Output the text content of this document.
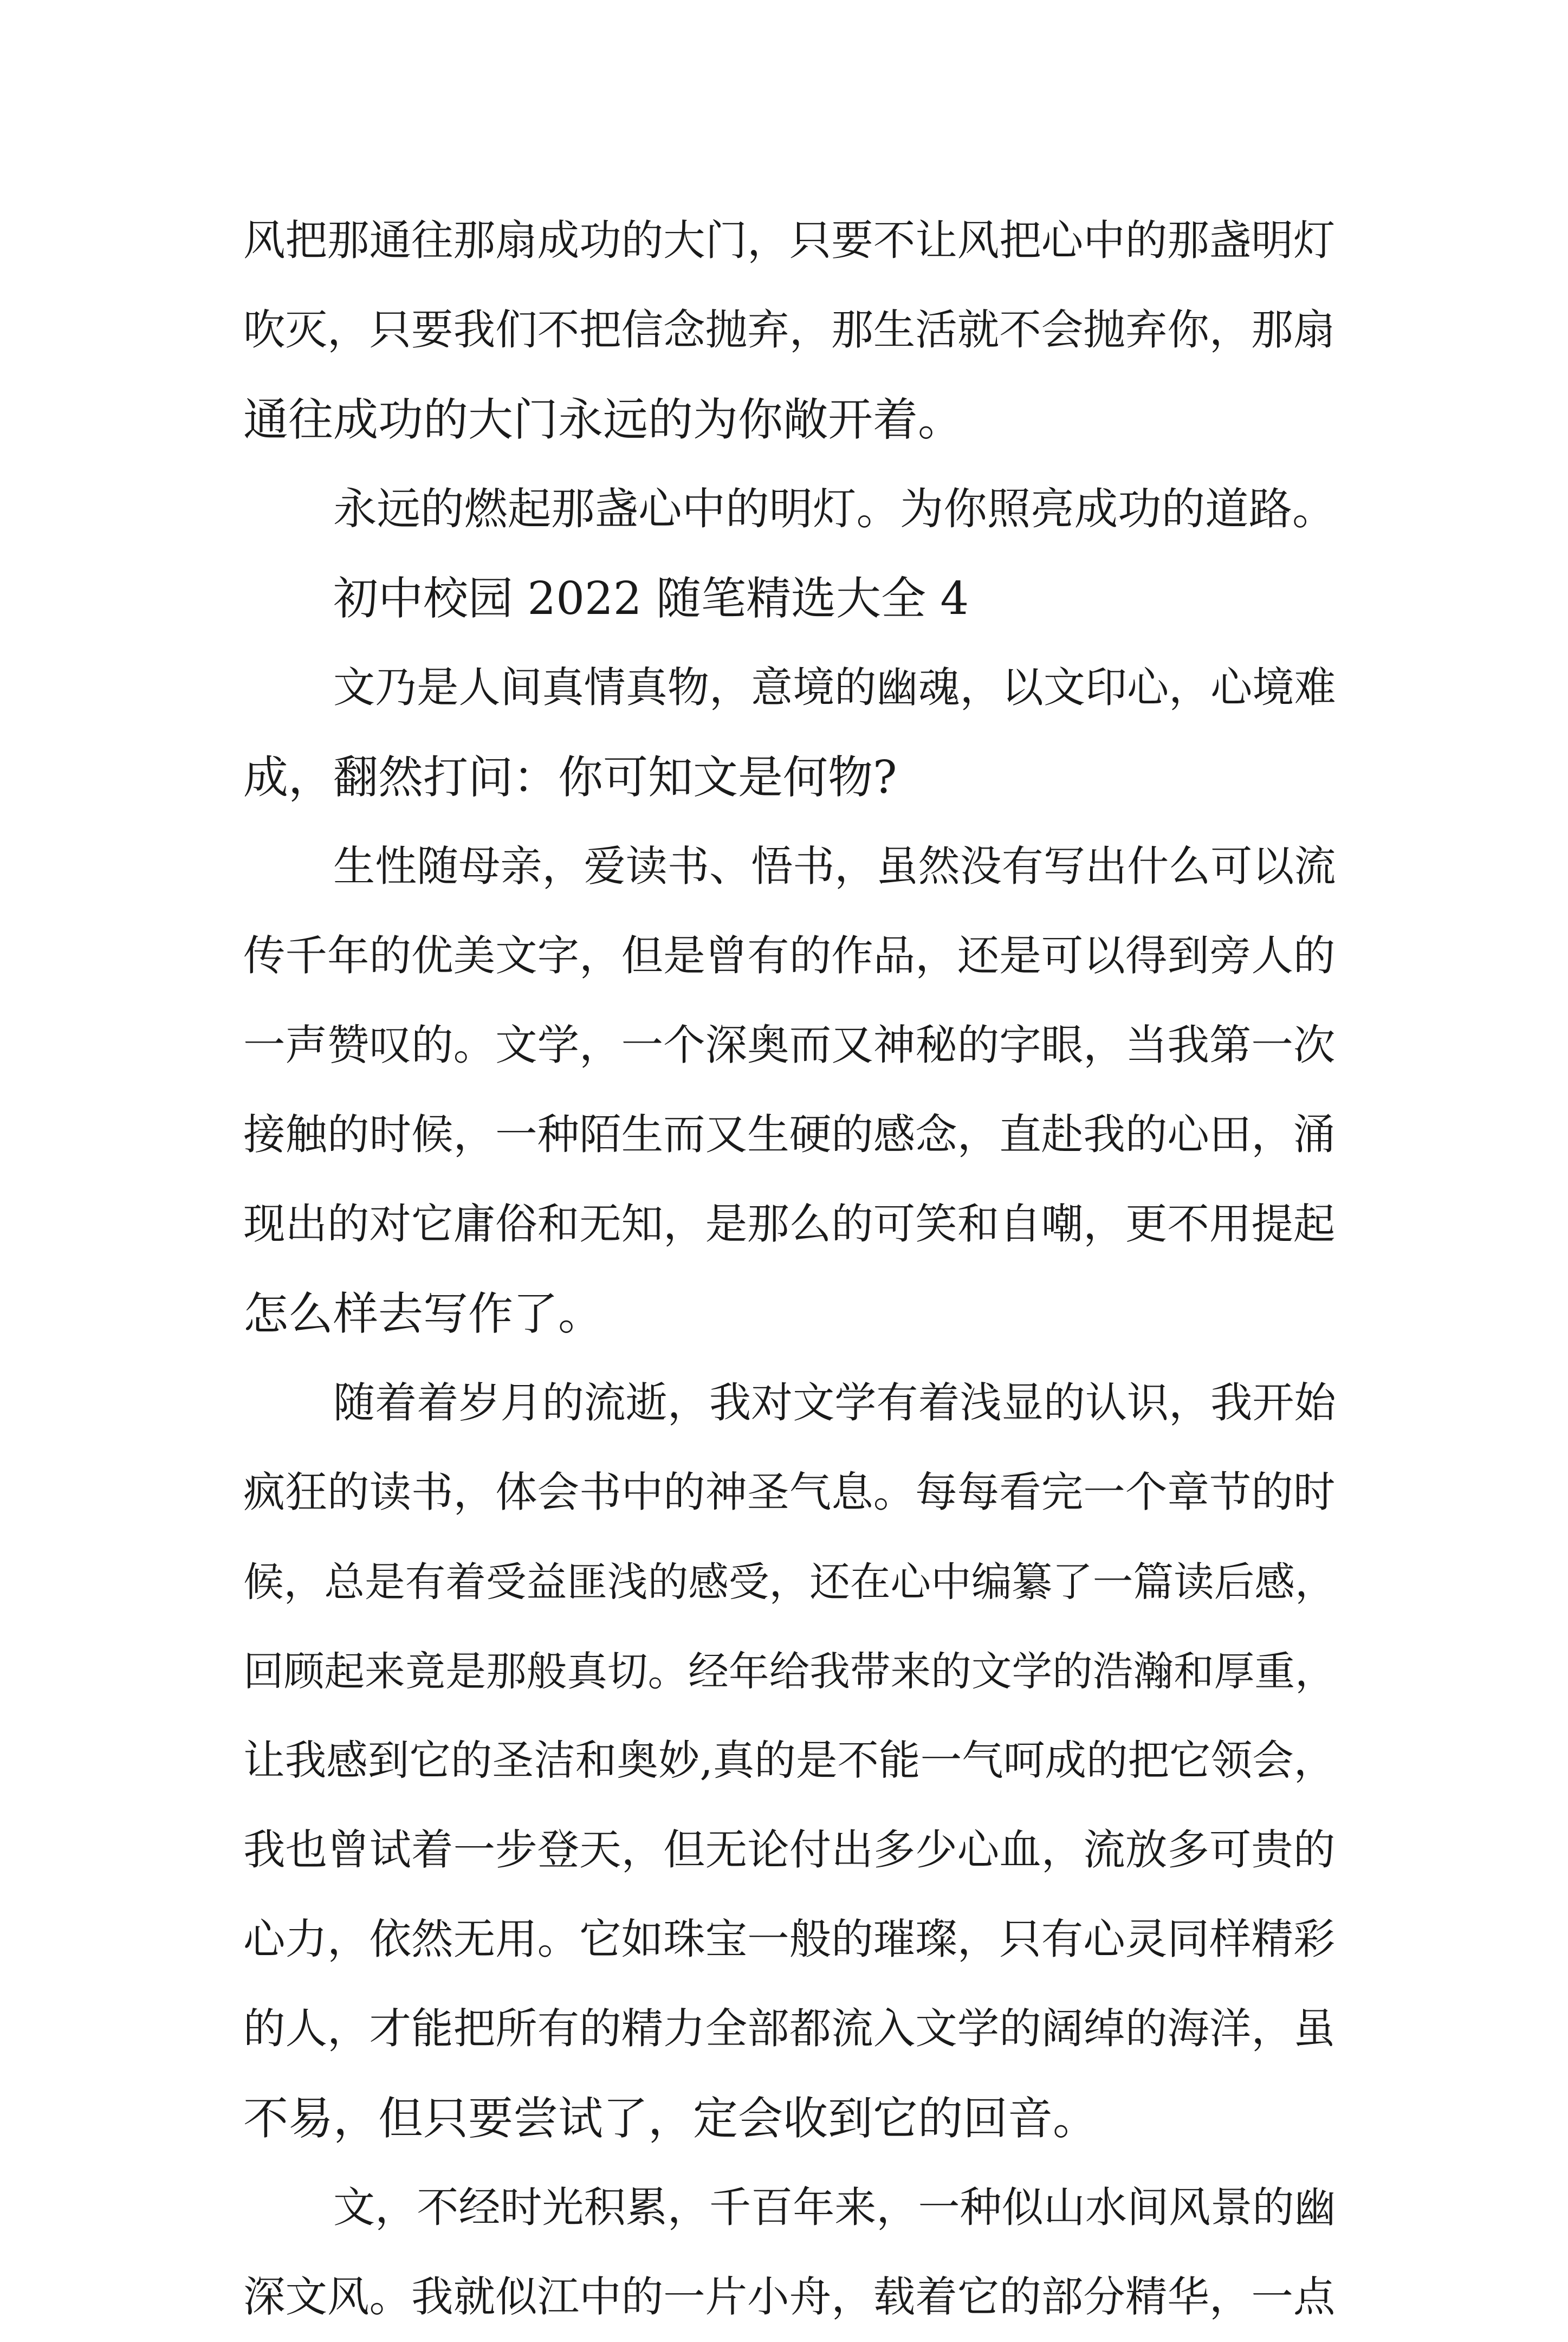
风把那通往那扇成功的大门，只要不让风把心中的那盏明灯
吹灭，只要我们不把信念抛弃，那生活就不会抛弃你，那扇
通往成功的大门永远的为你敞开着。
永远的燃起那盏心中的明灯。为你照亮成功的道路。
初中校园 2022 随笔精选大全 4
文乃是人间真情真物，意境的幽魂，以文印心，心境难
成，翻然打问：你可知文是何物?
生性随母亲，爱读书、悟书，虽然没有写出什么可以流
传千年的优美文字，但是曾有的作品，还是可以得到旁人的
一声赞叹的。文学，一个深奥而又神秘的字眼，当我第一次
接触的时候，一种陌生而又生硬的感念，直赴我的心田，涌
现出的对它庸俗和无知，是那么的可笑和自嘲，更不用提起
怎么样去写作了。
随着着岁月的流逝，我对文学有着浅显的认识，我开始
疯狂的读书，体会书中的神圣气息。每每看完一个章节的时
候，总是有着受益匪浅的感受，还在心中编纂了一篇读后感，
回顾起来竟是那般真切。经年给我带来的文学的浩瀚和厚重，
让我感到它的圣洁和奥妙,真的是不能一气呵成的把它领会，
我也曾试着一步登天，但无论付出多少心血，流放多可贵的
心力，依然无用。它如珠宝一般的璀璨，只有心灵同样精彩
的人，才能把所有的精力全部都流入文学的阔绰的海洋，虽
不易，但只要尝试了，定会收到它的回音。
文，不经时光积累，千百年来，一种似山水间风景的幽
深文风。我就似江中的一片小舟，载着它的部分精华，一点
